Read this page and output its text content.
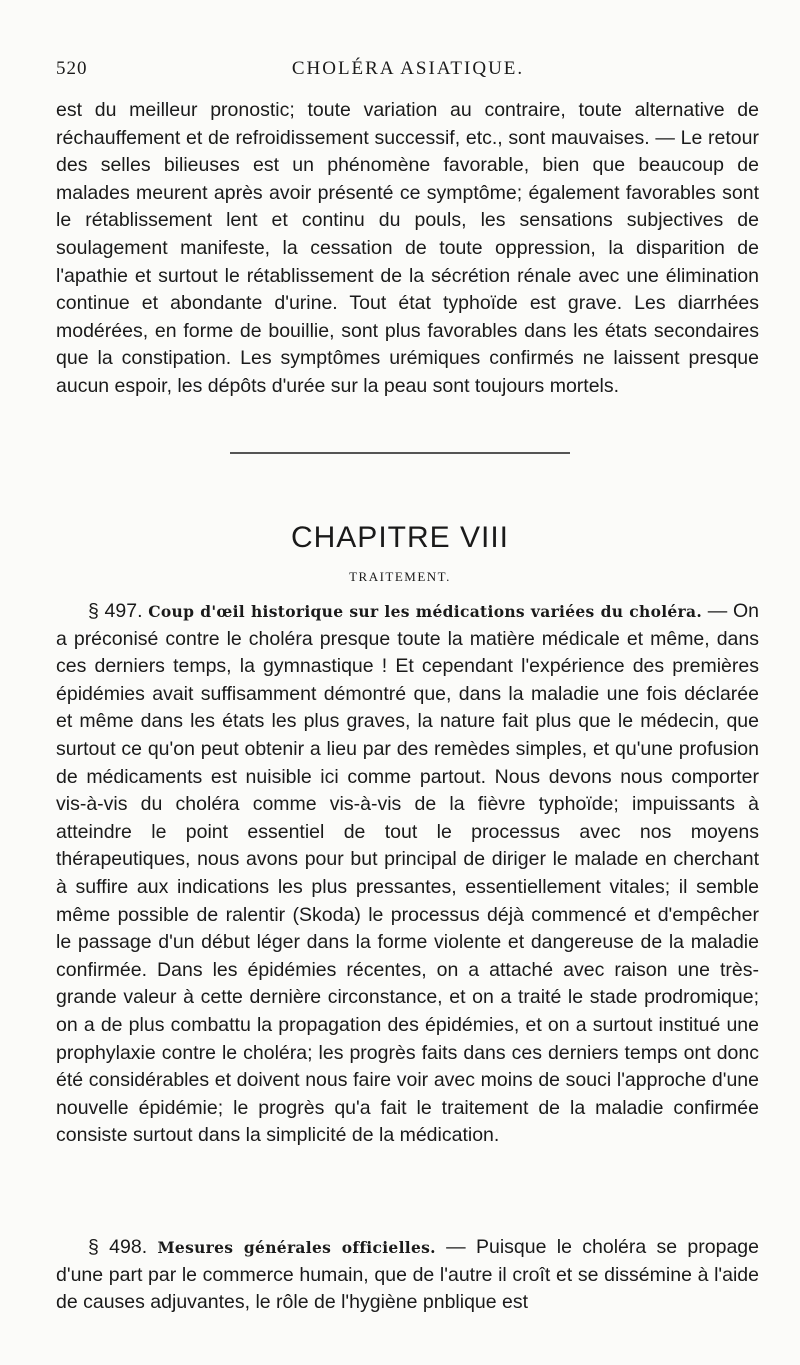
520	CHOLÉRA ASIATIQUE.

est du meilleur pronostic; toute variation au contraire, toute alternative de réchauffement et de refroidissement successif, etc., sont mauvaises. — Le retour des selles bilieuses est un phénomène favorable, bien que beaucoup de malades meurent après avoir présenté ce symptôme; également favorables sont le rétablissement lent et continu du pouls, les sensations subjectives de soulagement manifeste, la cessation de toute oppression, la disparition de l'apathie et surtout le rétablissement de la sécrétion rénale avec une élimination continue et abondante d'urine. Tout état typhoïde est grave. Les diarrhées modérées, en forme de bouillie, sont plus favorables dans les états secondaires que la constipation. Les symptômes urémiques confirmés ne laissent presque aucun espoir, les dépôts d'urée sur la peau sont toujours mortels.

CHAPITRE VIII
TRAITEMENT.

§ 497. Coup d'œil historique sur les médications variées du choléra. — On a préconisé contre le choléra presque toute la matière médicale et même, dans ces derniers temps, la gymnastique ! Et cependant l'expérience des premières épidémies avait suffisamment démontré que, dans la maladie une fois déclarée et même dans les états les plus graves, la nature fait plus que le médecin, que surtout ce qu'on peut obtenir a lieu par des remèdes simples, et qu'une profusion de médicaments est nuisible ici comme partout. Nous devons nous comporter vis-à-vis du choléra comme vis-à-vis de la fièvre typhoïde; impuissants à atteindre le point essentiel de tout le processus avec nos moyens thérapeutiques, nous avons pour but principal de diriger le malade en cherchant à suffire aux indications les plus pressantes, essentiellement vitales; il semble même possible de ralentir (Skoda) le processus déjà commencé et d'empêcher le passage d'un début léger dans la forme violente et dangereuse de la maladie confirmée. Dans les épidémies récentes, on a attaché avec raison une très-grande valeur à cette dernière circonstance, et on a traité le stade prodromique; on a de plus combattu la propagation des épidémies, et on a surtout institué une prophylaxie contre le choléra; les progrès faits dans ces derniers temps ont donc été considérables et doivent nous faire voir avec moins de souci l'approche d'une nouvelle épidémie; le progrès qu'a fait le traitement de la maladie confirmée consiste surtout dans la simplicité de la médication.

§ 498. Mesures générales officielles. — Puisque le choléra se propage d'une part par le commerce humain, que de l'autre il croît et se dissémine à l'aide de causes adjuvantes, le rôle de l'hygiène pnblique est
